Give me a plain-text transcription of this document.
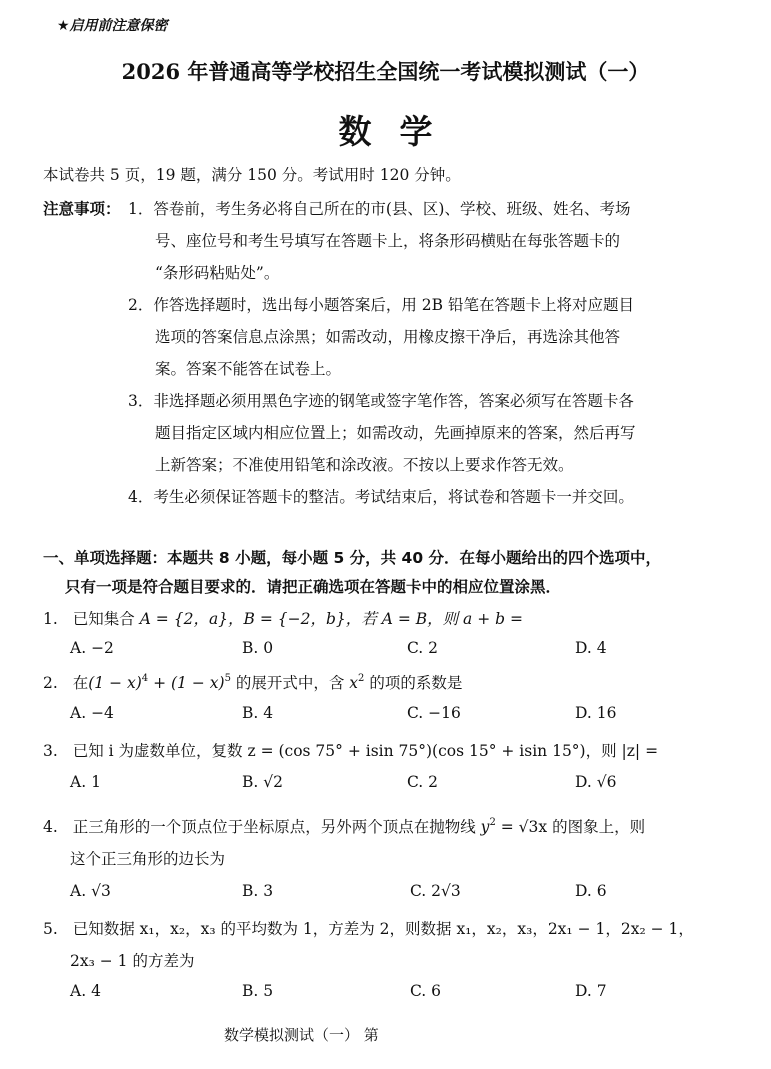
★启用前注意保密
2026 年普通高等学校招生全国统一考试模拟测试（一）
数学
本试卷共 5 页，19 题，满分 150 分。考试用时 120 分钟。
注意事项： 1．答卷前，考生务必将自己所在的市(县、区)、学校、班级、姓名、考场
号、座位号和考生号填写在答题卡上，将条形码横贴在每张答题卡的
“条形码粘贴处”。
2．作答选择题时，选出每小题答案后，用 2B 铅笔在答题卡上将对应题目
选项的答案信息点涂黑；如需改动，用橡皮擦干净后，再选涂其他答
案。答案不能答在试卷上。
3．非选择题必须用黑色字迹的钢笔或签字笔作答，答案必须写在答题卡各
题目指定区域内相应位置上；如需改动，先画掉原来的答案，然后再写
上新答案；不准使用铅笔和涂改液。不按以上要求作答无效。
4．考生必须保证答题卡的整洁。考试结束后，将试卷和答题卡一并交回。
一、单项选择题：本题共 8 小题，每小题 5 分，共 40 分．在每小题给出的四个选项中，
只有一项是符合题目要求的．请把正确选项在答题卡中的相应位置涂黑．
1. 已知集合 A = {2，a}，B = {−2，b}，若 A = B，则 a + b =
A. −2	B. 0	C. 2	D. 4
2. 在$(1 - x)^4 + (1 - x)^5$ 的展开式中，含 $x^2$ 的项的系数是
A. −4	B. 4	C. −16	D. 16
3. 已知 i 为虚数单位，复数 z = (cos 75° + isin 75°)(cos 15° + isin 15°)，则 |z| =
A. 1	B. √2	C. 2	D. √6
4. 正三角形的一个顶点位于坐标原点，另外两个顶点在抛物线 $y^2 = √3x$ 的图象上，则
这个正三角形的边长为
A. √3	B. 3	C. 2√3	D. 6
5. 已知数据 x₁，x₂，x₃ 的平均数为 1，方差为 2，则数据 x₁，x₂，x₃，2x₁ − 1，2x₂ − 1，
2x₃ − 1 的方差为
A. 4	B. 5	C. 6	D. 7
数学模拟测试（一） 第
